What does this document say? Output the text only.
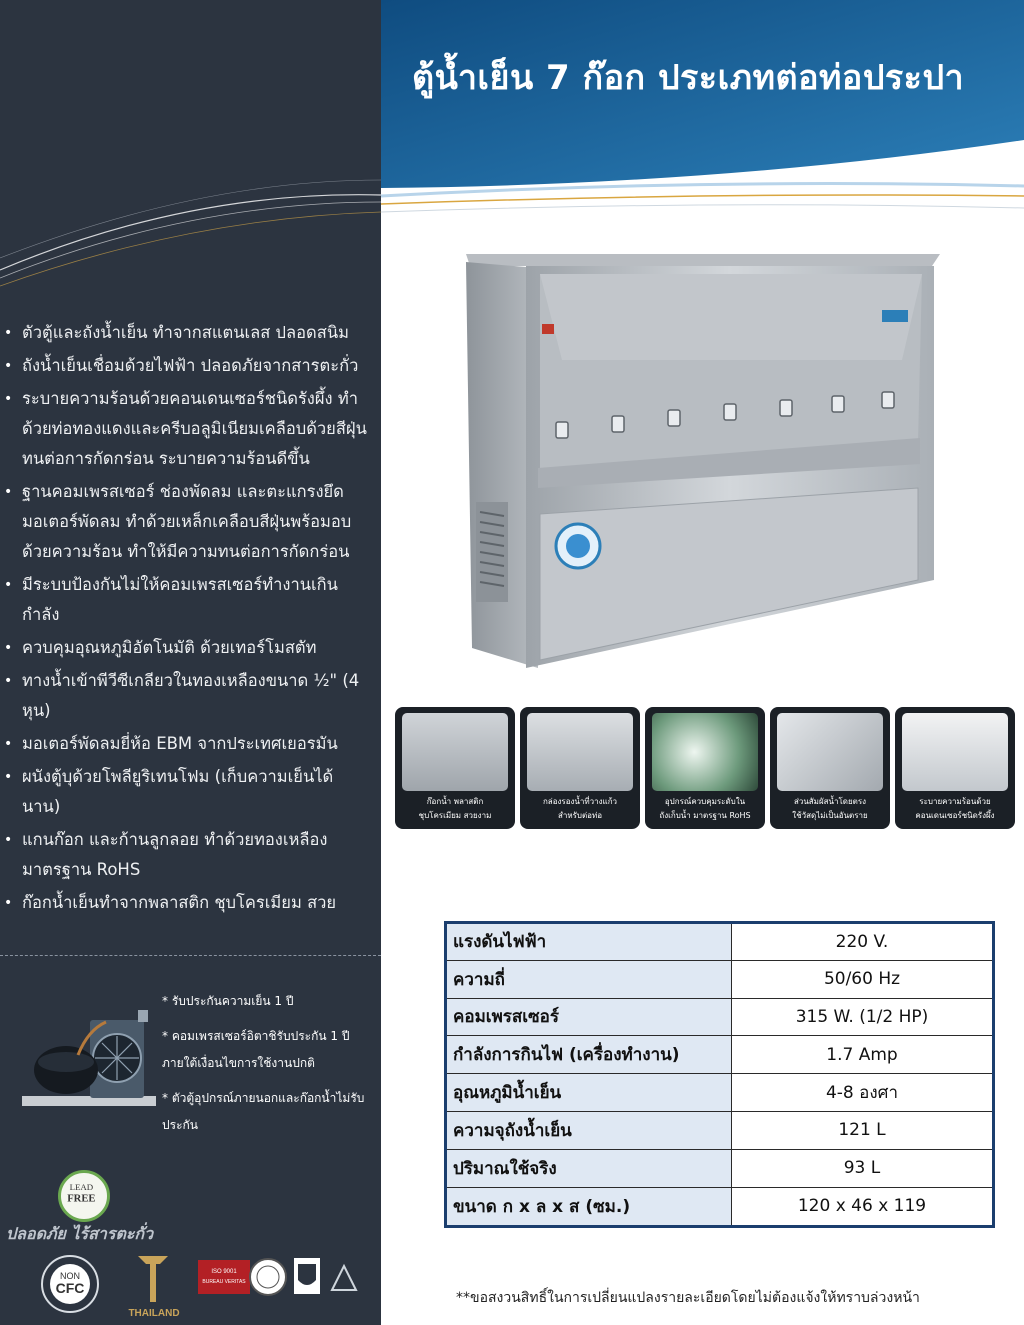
• ตัวตู้และถังน้ำเย็น ทำจากสแตนเลส ปลอดสนิม
• ถังน้ำเย็นเชื่อมด้วยไฟฟ้า ปลอดภัยจากสารตะกั่ว
• ระบายความร้อนด้วยคอนเดนเซอร์ชนิดรังผึ้ง ทำด้วยท่อทองแดงและครีบอลูมิเนียมเคลือบด้วยสีฝุ่นทนต่อการกัดกร่อน ระบายความร้อนดีขึ้น
• ฐานคอมเพรสเซอร์ ช่องพัดลม และตะแกรงยึดมอเตอร์พัดลม ทำด้วยเหล็กเคลือบสีฝุ่นพร้อมอบด้วยความร้อน ทำให้มีความทนต่อการกัดกร่อน
• มีระบบป้องกันไม่ให้คอมเพรสเซอร์ทำงานเกินกำลัง
• ควบคุมอุณหภูมิอัตโนมัติ ด้วยเทอร์โมสตัท
• ทางน้ำเข้าพีวีซีเกลียวในทองเหลืองขนาด ½" (4 หุน)
• มอเตอร์พัดลมยี่ห้อ EBM จากประเทศเยอรมัน
• ผนังตู้บุด้วยโพลียูริเทนโฟม (เก็บความเย็นได้นาน)
• แกนก๊อก และก้านลูกลอย ทำด้วยทองเหลืองมาตรฐาน RoHS
• ก๊อกน้ำเย็นทำจากพลาสติก ชุบโครเมียม สวย

* รับประกันความเย็น 1 ปี

* คอมเพรสเซอร์อิตาชิรับประกัน 1 ปี ภายใต้เงื่อนไขการใช้งานปกติ

* ตัวตู้อุปกรณ์ภายนอกและก๊อกน้ำไม่รับประกัน

LEAD
FREE
ปลอดภัย ไร้สารตะกั่ว
NON
CFC
THAILAND
ISO 9001
BUREAU VERITAS
ตู้น้ำเย็น 7 ก๊อก ประเภทต่อท่อประปา
ก๊อกน้ำ พลาสติก
ชุบโครเมียม สวยงาม
กล่องรองน้ำที่วางแก้ว
สำหรับต่อท่อ
อุปกรณ์ควบคุมระดับใน
ถังเก็บน้ำ มาตรฐาน RoHS
ส่วนสัมผัสน้ำโดยตรง
ใช้วัสดุไม่เป็นอันตราย
ระบายความร้อนด้วย
คอนเดนเซอร์ชนิดรังผึ้ง
แรงดันไฟฟ้า	220 V.
ความถี่	50/60 Hz
คอมเพรสเซอร์	315 W. (1/2 HP)
กำลังการกินไฟ (เครื่องทำงาน)	1.7 Amp
อุณหภูมิน้ำเย็น	4-8 องศา
ความจุถังน้ำเย็น	121 L
ปริมาณใช้จริง	93 L
ขนาด ก x ล x ส (ซม.)	120 x 46 x 119
**ขอสงวนสิทธิ์ในการเปลี่ยนแปลงรายละเอียดโดยไม่ต้องแจ้งให้ทราบล่วงหน้า
